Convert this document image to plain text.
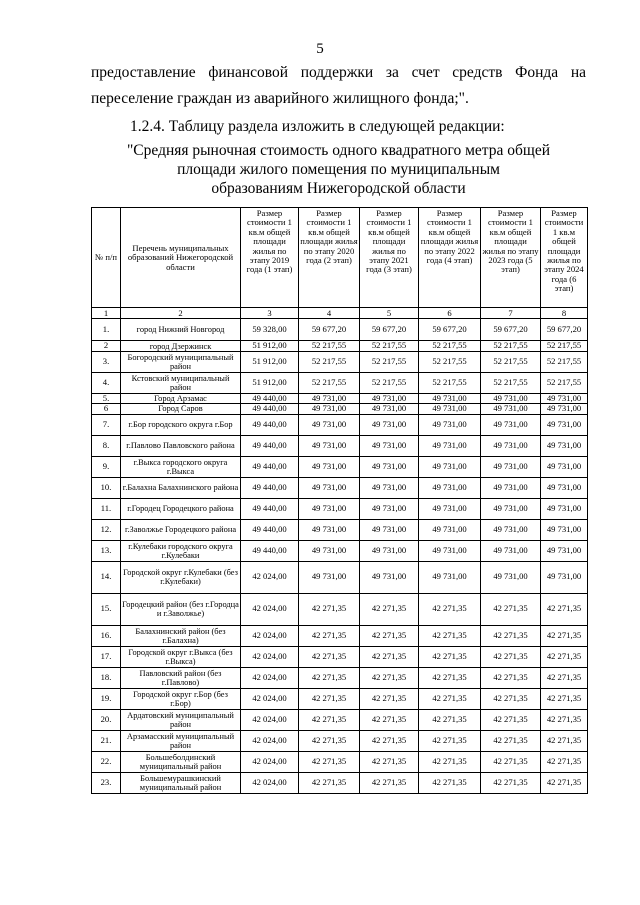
5
предоставление финансовой поддержки за счет средств Фонда на
переселение граждан из аварийного жилищного фонда;".
1.2.4. Таблицу раздела изложить в следующей редакции:
"Средняя рыночная стоимость одного квадратного метра общей
площади жилого помещения по муниципальным
образованиям Нижегородской области
№ п/п	Перечень муниципальных образований Нижегородской области	Размер стоимости 1 кв.м общей площади жилья по этапу 2019 года (1 этап)	Размер стоимости 1 кв.м общей площади жилья по этапу 2020 года (2 этап)	Размер стоимости 1 кв.м общей площади жилья по этапу 2021 года (3 этап)	Размер стоимости 1 кв.м общей площади жилья по этапу 2022 года (4 этап)	Размер стоимости 1 кв.м общей площади жилья по этапу 2023 года (5 этап)	Размер стоимости 1 кв.м общей площади жилья по этапу 2024 года (6 этап)
1	2	3	4	5	6	7	8
1.	город Нижний Новгород	59 328,00	59 677,20	59 677,20	59 677,20	59 677,20	59 677,20
2	город Дзержинск	51 912,00	52 217,55	52 217,55	52 217,55	52 217,55	52 217,55
3.	Богородский муниципальный район	51 912,00	52 217,55	52 217,55	52 217,55	52 217,55	52 217,55
4.	Кстовский муниципальный район	51 912,00	52 217,55	52 217,55	52 217,55	52 217,55	52 217,55
5.	Город Арзамас	49 440,00	49 731,00	49 731,00	49 731,00	49 731,00	49 731,00
6	Город Саров	49 440,00	49 731,00	49 731,00	49 731,00	49 731,00	49 731,00
7.	г.Бор городского округа г.Бор	49 440,00	49 731,00	49 731,00	49 731,00	49 731,00	49 731,00
8.	г.Павлово Павловского района	49 440,00	49 731,00	49 731,00	49 731,00	49 731,00	49 731,00
9.	г.Выкса городского округа г.Выкса	49 440,00	49 731,00	49 731,00	49 731,00	49 731,00	49 731,00
10.	г.Балахна Балахнинского района	49 440,00	49 731,00	49 731,00	49 731,00	49 731,00	49 731,00
11.	г.Городец Городецкого района	49 440,00	49 731,00	49 731,00	49 731,00	49 731,00	49 731,00
12.	г.Заволжье Городецкого района	49 440,00	49 731,00	49 731,00	49 731,00	49 731,00	49 731,00
13.	г.Кулебаки городского округа г.Кулебаки	49 440,00	49 731,00	49 731,00	49 731,00	49 731,00	49 731,00
14.	Городской округ г.Кулебаки (без г.Кулебаки)	42 024,00	49 731,00	49 731,00	49 731,00	49 731,00	49 731,00
15.	Городецкий район (без г.Городца и г.Заволжье)	42 024,00	42 271,35	42 271,35	42 271,35	42 271,35	42 271,35
16.	Балахнинский район (без г.Балахна)	42 024,00	42 271,35	42 271,35	42 271,35	42 271,35	42 271,35
17.	Городской округ г.Выкса (без г.Выкса)	42 024,00	42 271,35	42 271,35	42 271,35	42 271,35	42 271,35
18.	Павловский район (без г.Павлово)	42 024,00	42 271,35	42 271,35	42 271,35	42 271,35	42 271,35
19.	Городской округ г.Бор (без г.Бор)	42 024,00	42 271,35	42 271,35	42 271,35	42 271,35	42 271,35
20.	Ардатовский муниципальный район	42 024,00	42 271,35	42 271,35	42 271,35	42 271,35	42 271,35
21.	Арзамасский муниципальный район	42 024,00	42 271,35	42 271,35	42 271,35	42 271,35	42 271,35
22.	Большеболдинский муниципальный район	42 024,00	42 271,35	42 271,35	42 271,35	42 271,35	42 271,35
23.	Большемурашкинский муниципальный район	42 024,00	42 271,35	42 271,35	42 271,35	42 271,35	42 271,35
